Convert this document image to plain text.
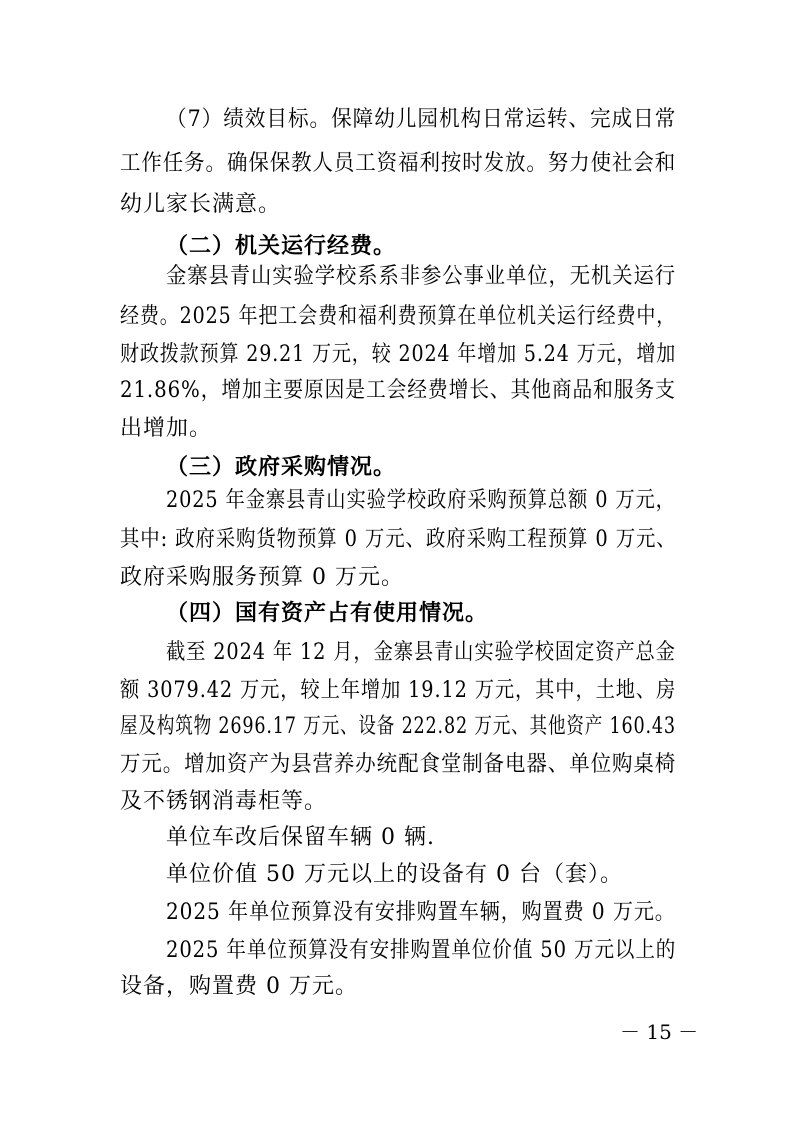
（7）绩效目标。保障幼儿园机构日常运转、完成日常
工作任务。确保保教人员工资福利按时发放。努力使社会和
幼儿家长满意。
（二）机关运行经费。
金寨县青山实验学校系系非参公事业单位，无机关运行
经费。2025 年把工会费和福利费预算在单位机关运行经费中，
财政拨款预算 29.21 万元，较 2024 年增加 5.24 万元，增加
21.86%，增加主要原因是工会经费增长、其他商品和服务支
出增加。
（三）政府采购情况。
2025 年金寨县青山实验学校政府采购预算总额 0 万元，
其中: 政府采购货物预算 0 万元、政府采购工程预算 0 万元、
政府采购服务预算 0 万元。
（四）国有资产占有使用情况。
截至 2024 年 12 月，金寨县青山实验学校固定资产总金
额 3079.42 万元，较上年增加 19.12 万元，其中，土地、房
屋及构筑物 2696.17 万元、设备 222.82 万元、其他资产 160.43
万元。增加资产为县营养办统配食堂制备电器、单位购桌椅
及不锈钢消毒柜等。
单位车改后保留车辆 0 辆.
单位价值 50 万元以上的设备有 0 台（套）。
2025 年单位预算没有安排购置车辆，购置费 0 万元。
2025 年单位预算没有安排购置单位价值 50 万元以上的
设备，购置费 0 万元。
－ 15 －
